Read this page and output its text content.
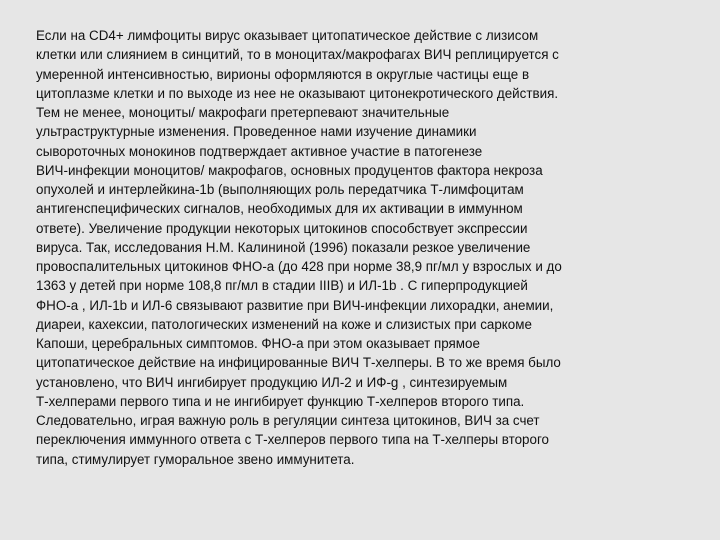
Если на CD4+ лимфоциты вирус оказывает цитопатическое действие с лизисом
клетки или слиянием в синцитий, то в моноцитах/макрофагах ВИЧ реплицируется с
умеренной интенсивностью, вирионы оформляются в округлые частицы еще в
цитоплазме клетки и по выходе из нее не оказывают цитонекротического действия.
Тем не менее, моноциты/ макрофаги претерпевают значительные
ультраструктурные изменения. Проведенное нами изучение динамики
сывороточных монокинов подтверждает активное участие в патогенезе
ВИЧ-инфекции моноцитов/ макрофагов, основных продуцентов фактора некроза
опухолей и интерлейкина-1b (выполняющих роль передатчика Т-лимфоцитам
антигенспецифических сигналов, необходимых для их активации в иммунном
ответе). Увеличение продукции некоторых цитокинов способствует экспрессии
вируса. Так, исследования Н.М. Калининой (1996) показали резкое увеличение
провоспалительных цитокинов ФНО-а (до 428 при норме 38,9 пг/мл у взрослых и до
1363 у детей при норме 108,8 пг/мл в стадии IIIВ) и ИЛ-1b . С гиперпродукцией
ФНО-а , ИЛ-1b и ИЛ-6 связывают развитие при ВИЧ-инфекции лихорадки, анемии,
диареи, кахексии, патологических изменений на коже и слизистых при саркоме
Капоши, церебральных симптомов. ФНО-а при этом оказывает прямое
цитопатическое действие на инфицированные ВИЧ Т-хелперы. В то же время было
установлено, что ВИЧ ингибирует продукцию ИЛ-2 и ИФ-g , синтезируемым
Т-хелперами первого типа и не ингибирует функцию Т-хелперов второго типа.
Следовательно, играя важную роль в регуляции синтеза цитокинов, ВИЧ за счет
переключения иммунного ответа с Т-хелперов первого типа на Т-хелперы второго
типа, стимулирует гуморальное звено иммунитета.
